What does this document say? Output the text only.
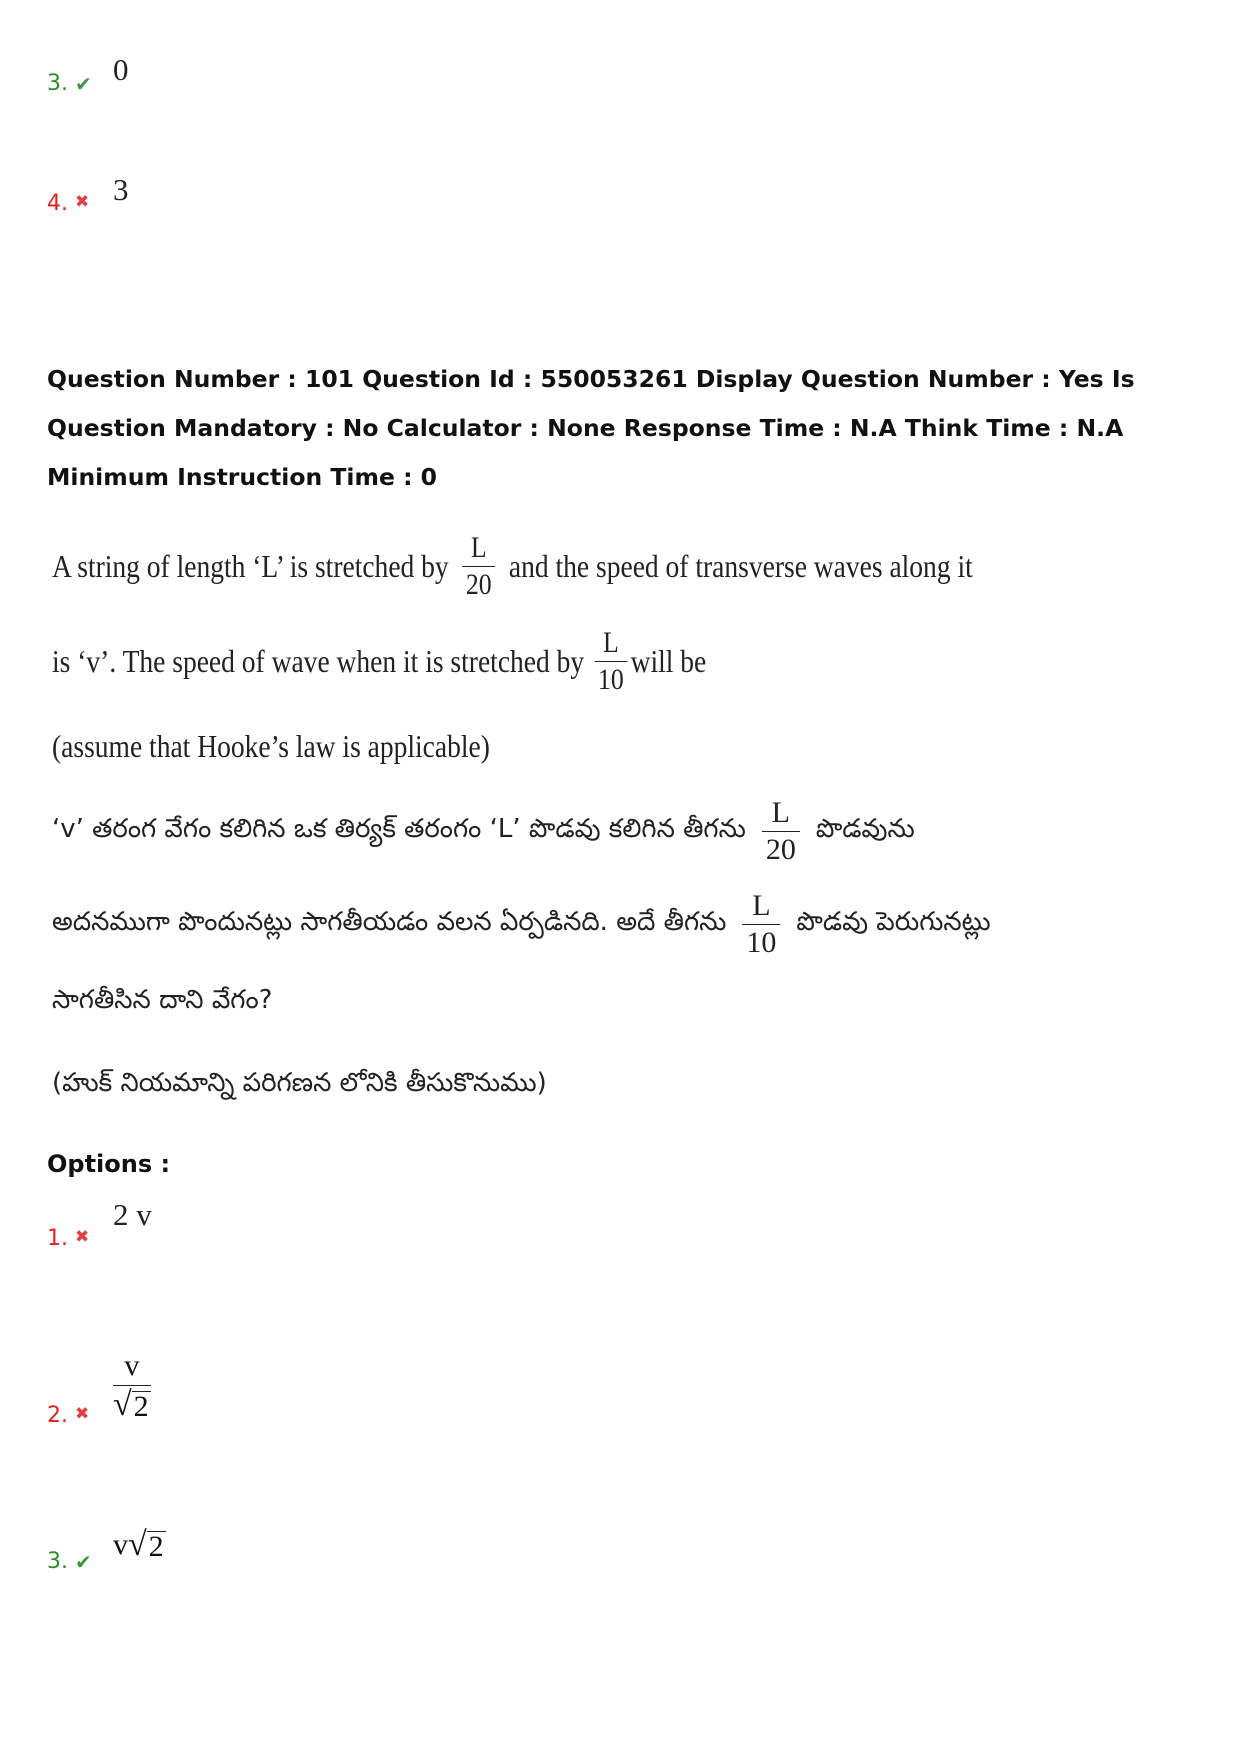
3. ✔ 0
4. ✖ 3
Question Number : 101 Question Id : 550053261 Display Question Number : Yes Is Question Mandatory : No Calculator : None Response Time : N.A Think Time : N.A Minimum Instruction Time : 0
A string of length ‘L’ is stretched by $\frac{L}{20}$ and the speed of transverse waves along it
is ‘v’. The speed of wave when it is stretched by $\frac{L}{10}$ will be
(assume that Hooke’s law is applicable)
‘v’ తరంగ వేగం కలిగిన ఒక తిర్యక్ తరంగం ‘L’ పొడవు కలిగిన తీగను $\frac{L}{20}$ పొడవును
అదనముగా పొందునట్లు సాగతీయడం వలన ఏర్పడినది. అదే తీగను $\frac{L}{10}$ పొడవు పెరుగునట్లు
సాగతీసిన దాని వేగం?
(హుక్ నియమాన్ని పరిగణన లోనికి తీసుకొనుము)
Options :
1. ✖
2 v
2. ✖
v
√ 2
3. ✔
v √ 2
